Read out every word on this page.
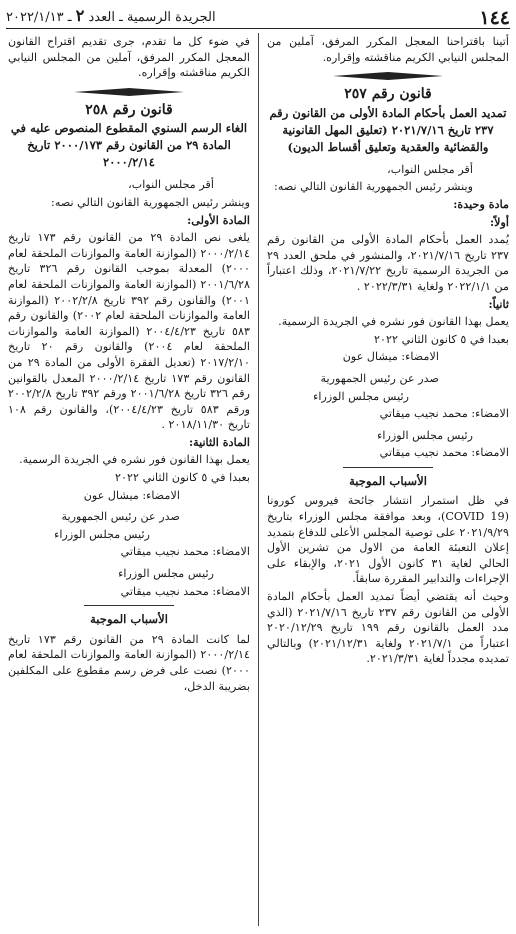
١٤٤
الجريدة الرسمية ـ العدد ٢ ـ ٢٠٢٢/١/١٣

أتينا باقتراحنا المعجل المكرر المرفق، آملين من المجلس النيابي الكريم مناقشته وإقراره.

قانون رقم ٢٥٧
تمديد العمل بأحكام المادة الأولى من القانون رقم ٢٣٧ تاريخ ٢٠٢١/٧/١٦ (تعليق المهل القانونية والقضائية والعقدية وتعليق أقساط الديون)

أقر مجلس النواب،

وينشر رئيس الجمهورية القانون التالي نصه:

مادة وحيدة:
أولاً:

يُمدد العمل بأحكام المادة الأولى من القانون رقم ٢٣٧ تاريخ ٢٠٢١/٧/١٦، والمنشور في ملحق العدد ٢٩ من الجريدة الرسمية تاريخ ٢٠٢١/٧/٢٢، وذلك اعتباراً من ٢٠٢٢/١/١ ولغاية ٢٠٢٢/٣/٣١ .

ثانياً:

يعمل بهذا القانون فور نشره في الجريدة الرسمية.

بعبدا في ٥ كانون الثاني ٢٠٢٢

الامضاء: ميشال عون

صدر عن رئيس الجمهورية

رئيس مجلس الوزراء

الامضاء: محمد نجيب ميقاتي

رئيس مجلس الوزراء

الامضاء: محمد نجيب ميقاتي

الأسباب الموجبة

في ظل استمرار انتشار جائحة فيروس كورونا (COVID 19)، وبعد موافقة مجلس الوزراء بتاريخ ٢٠٢١/٩/٢٩ على توصية المجلس الأعلى للدفاع بتمديد إعلان التعبئة العامة من الاول من تشرين الأول الحالي لغاية ٣١ كانون الأول ٢٠٢١، والإبقاء على الإجراءات والتدابير المقررة سابقاً.

وحيث أنه يقتضي أيضاً تمديد العمل بأحكام المادة الأولى من القانون رقم ٢٣٧ تاريخ ٢٠٢١/٧/١٦ (الذي مدد العمل بالقانون رقم ١٩٩ تاريخ ٢٠٢٠/١٢/٢٩ اعتباراً من ٢٠٢١/٧/١ ولغاية ٢٠٢١/١٢/٣١) وبالتالي تمديده مجدداً لغاية ٢٠٢١/٣/٣١.

في ضوء كل ما تقدم، جرى تقديم اقتراح القانون المعجل المكرر المرفق، آملين من المجلس النيابي الكريم مناقشته وإقراره.

قانون رقم ٢٥٨
الغاء الرسم السنوي المقطوع المنصوص عليه في المادة ٢٩ من القانون رقم ٢٠٠٠/١٧٣ تاريخ ٢٠٠٠/٢/١٤

أقر مجلس النواب،

وينشر رئيس الجمهورية القانون التالي نصه:

المادة الأولى:

يلغى نص المادة ٢٩ من القانون رقم ١٧٣ تاريخ ٢٠٠٠/٢/١٤ (الموازنة العامة والموازنات الملحقة لعام ٢٠٠٠) المعدلة بموجب القانون رقم ٣٢٦ تاريخ ٢٠٠١/٦/٢٨ (الموازنة العامة والموازنات الملحقة لعام ٢٠٠١) والقانون رقم ٣٩٢ تاريخ ٢٠٠٢/٢/٨ (الموازنة العامة والموازنات الملحقة لعام ٢٠٠٢) والقانون رقم ٥٨٣ تاريخ ٢٠٠٤/٤/٢٣ (الموازنة العامة والموازنات الملحقة لعام ٢٠٠٤) والقانون رقم ٢٠ تاريخ ٢٠١٧/٢/١٠ (تعديل الفقرة الأولى من المادة ٢٩ من القانون رقم ١٧٣ تاريخ ٢٠٠٠/٢/١٤ المعدل بالقوانين رقم ٣٢٦ تاريخ ٢٠٠١/٦/٢٨ ورقم ٣٩٢ تاريخ ٢٠٠٢/٢/٨ ورقم ٥٨٣ تاريخ ٢٠٠٤/٤/٢٣)، والقانون رقم ١٠٨ تاريخ ٢٠١٨/١١/٣٠ .

المادة الثانية:

يعمل بهذا القانون فور نشره في الجريدة الرسمية.

بعبدا في ٥ كانون الثاني ٢٠٢٢

الامضاء: ميشال عون

صدر عن رئيس الجمهورية

رئيس مجلس الوزراء

الامضاء: محمد نجيب ميقاتي

رئيس مجلس الوزراء

الامضاء: محمد نجيب ميقاتي

الأسباب الموجبة

لما كانت المادة ٢٩ من القانون رقم ١٧٣ تاريخ ٢٠٠٠/٢/١٤ (الموازنة العامة والموازنات الملحقة لعام ٢٠٠٠) نصت على فرض رسم مقطوع على المكلفين بضريبة الدخل،
